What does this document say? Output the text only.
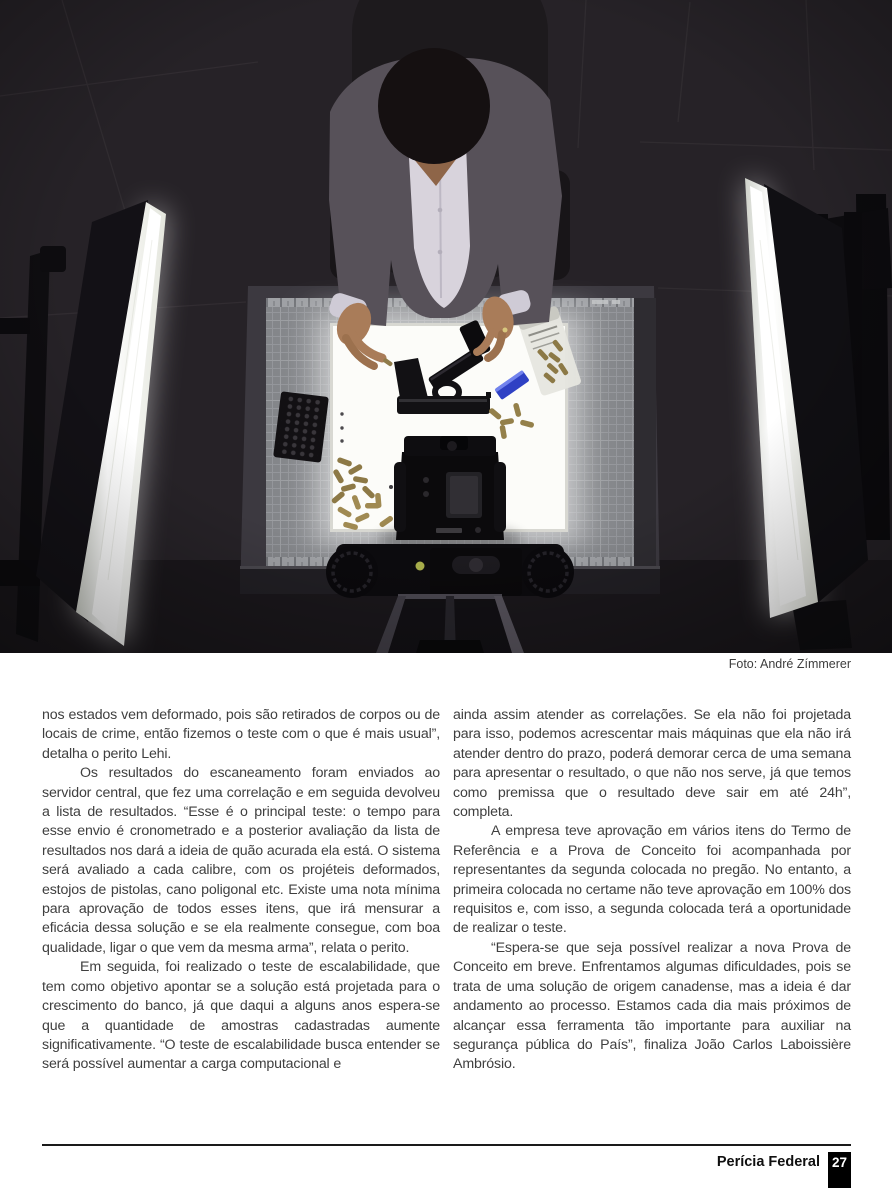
Foto: André Zímmerer

nos estados vem deformado, pois são retirados de corpos ou de locais de crime, então fizemos o teste com o que é mais usual”, detalha o perito Lehi.

Os resultados do escaneamento foram enviados ao servidor central, que fez uma correlação e em seguida devolveu a lista de resultados. “Esse é o principal teste: o tempo para esse envio é cronometrado e a posterior avaliação da lista de resultados nos dará a ideia de quão acurada ela está. O sistema será avaliado a cada calibre, com os projéteis deformados, estojos de pistolas, cano poligonal etc. Existe uma nota mínima para aprovação de todos esses itens, que irá mensurar a eficácia dessa solução e se ela realmente consegue, com boa qualidade, ligar o que vem da mesma arma”, relata o perito.

Em seguida, foi realizado o teste de escalabilidade, que tem como objetivo apontar se a solução está projetada para o crescimento do banco, já que daqui a alguns anos espera-se que a quantidade de amostras cadastradas aumente significativamente. “O teste de escalabilidade busca entender se será possível aumentar a carga computacional e

ainda assim atender as correlações. Se ela não foi projetada para isso, podemos acrescentar mais máquinas que ela não irá atender dentro do prazo, poderá demorar cerca de uma semana para apresentar o resultado, o que não nos serve, já que temos como premissa que o resultado deve sair em até 24h”, completa.

A empresa teve aprovação em vários itens do Termo de Referência e a Prova de Conceito foi acompanhada por representantes da segunda colocada no pregão. No entanto, a primeira colocada no certame não teve aprovação em 100% dos requisitos e, com isso, a segunda colocada terá a oportunidade de realizar o teste.

“Espera-se que seja possível realizar a nova Prova de Conceito em breve. Enfrentamos algumas dificuldades, pois se trata de uma solução de origem canadense, mas a ideia é dar andamento ao processo. Estamos cada dia mais próximos de alcançar essa ferramenta tão importante para auxiliar na segurança pública do País”, finaliza João Carlos Laboissière Ambrósio.

Perícia Federal 27
